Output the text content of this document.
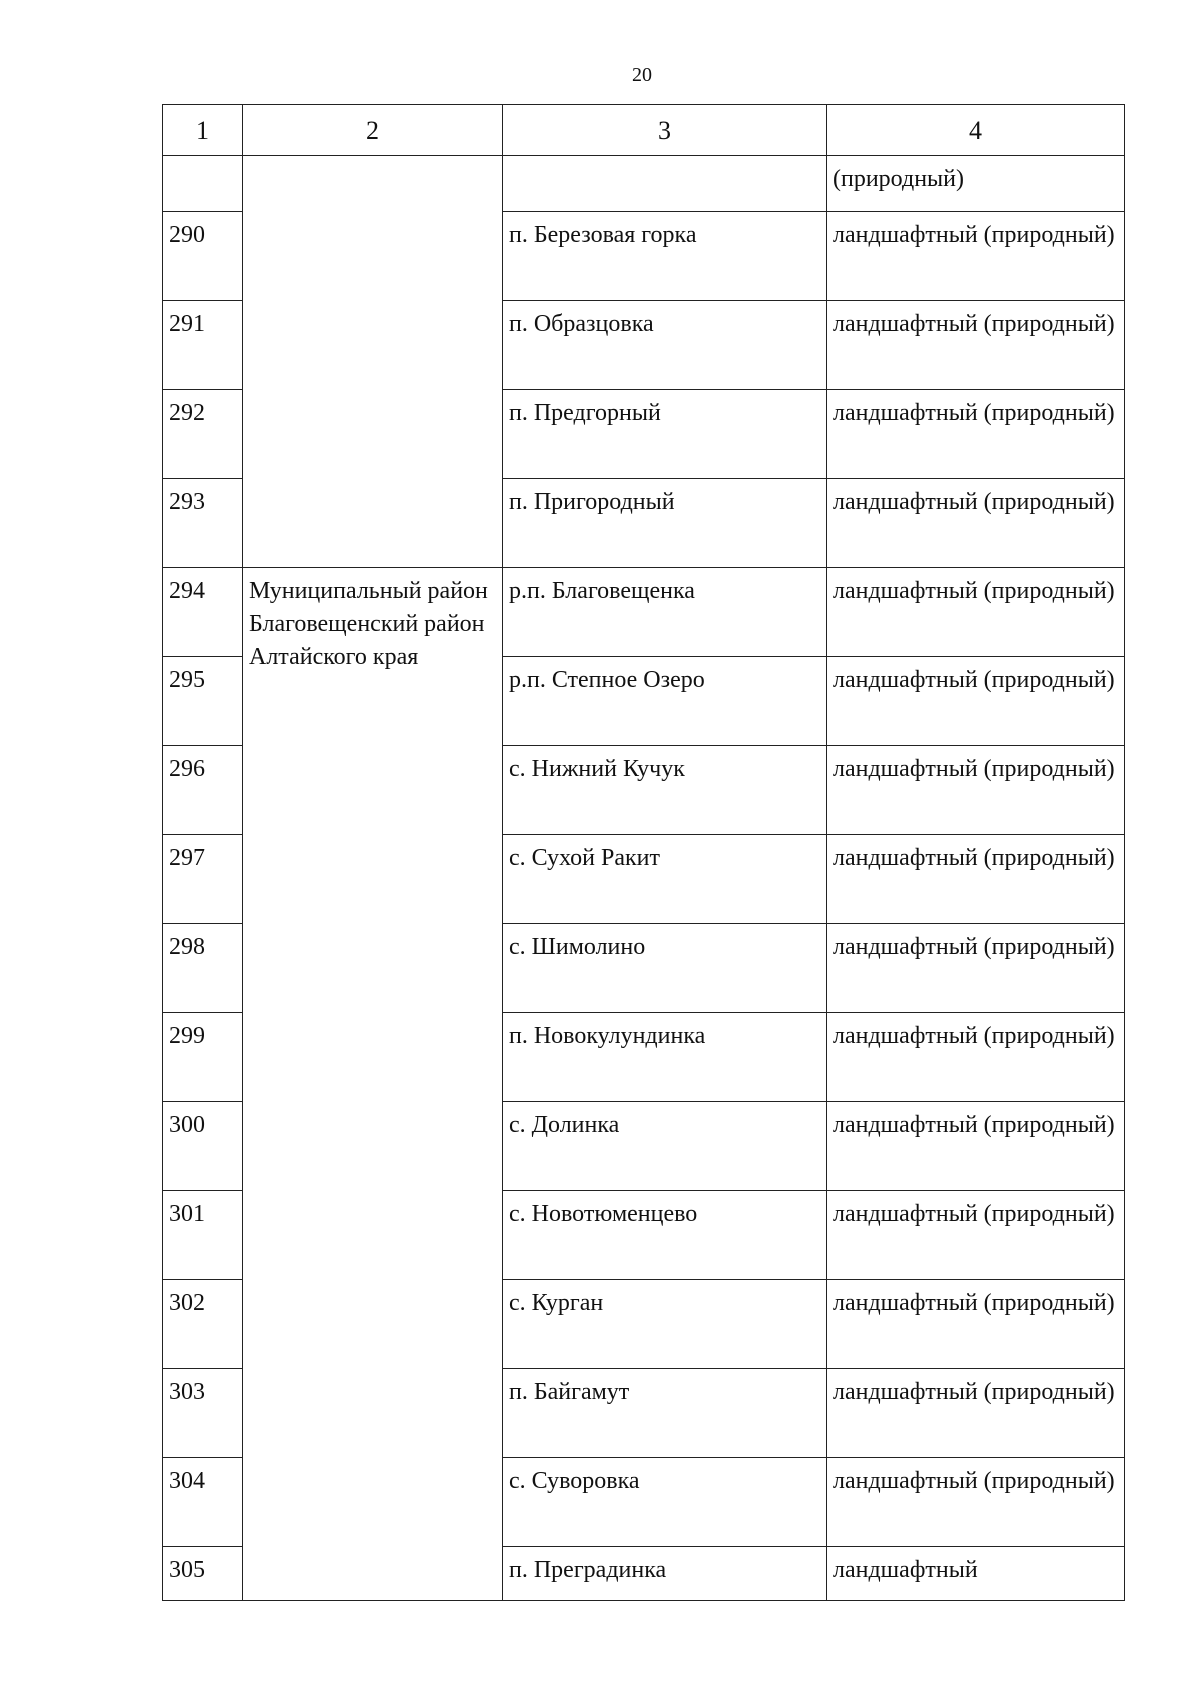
20
1	2	3	4
			(природный)
290		п. Березовая горка	ландшафтный (природный)
291		п. Образцовка	ландшафтный (природный)
292		п. Предгорный	ландшафтный (природный)
293		п. Пригородный	ландшафтный (природный)
294	Муниципальный район Благовещенский район Алтайского края	р.п. Благовещенка	ландшафтный (природный)
295		р.п. Степное Озеро	ландшафтный (природный)
296		с. Нижний Кучук	ландшафтный (природный)
297		с. Сухой Ракит	ландшафтный (природный)
298		с. Шимолино	ландшафтный (природный)
299		п. Новокулундинка	ландшафтный (природный)
300		с. Долинка	ландшафтный (природный)
301		с. Новотюменцево	ландшафтный (природный)
302		с. Курган	ландшафтный (природный)
303		п. Байгамут	ландшафтный (природный)
304		с. Суворовка	ландшафтный (природный)
305		п. Преградинка	ландшафтный
